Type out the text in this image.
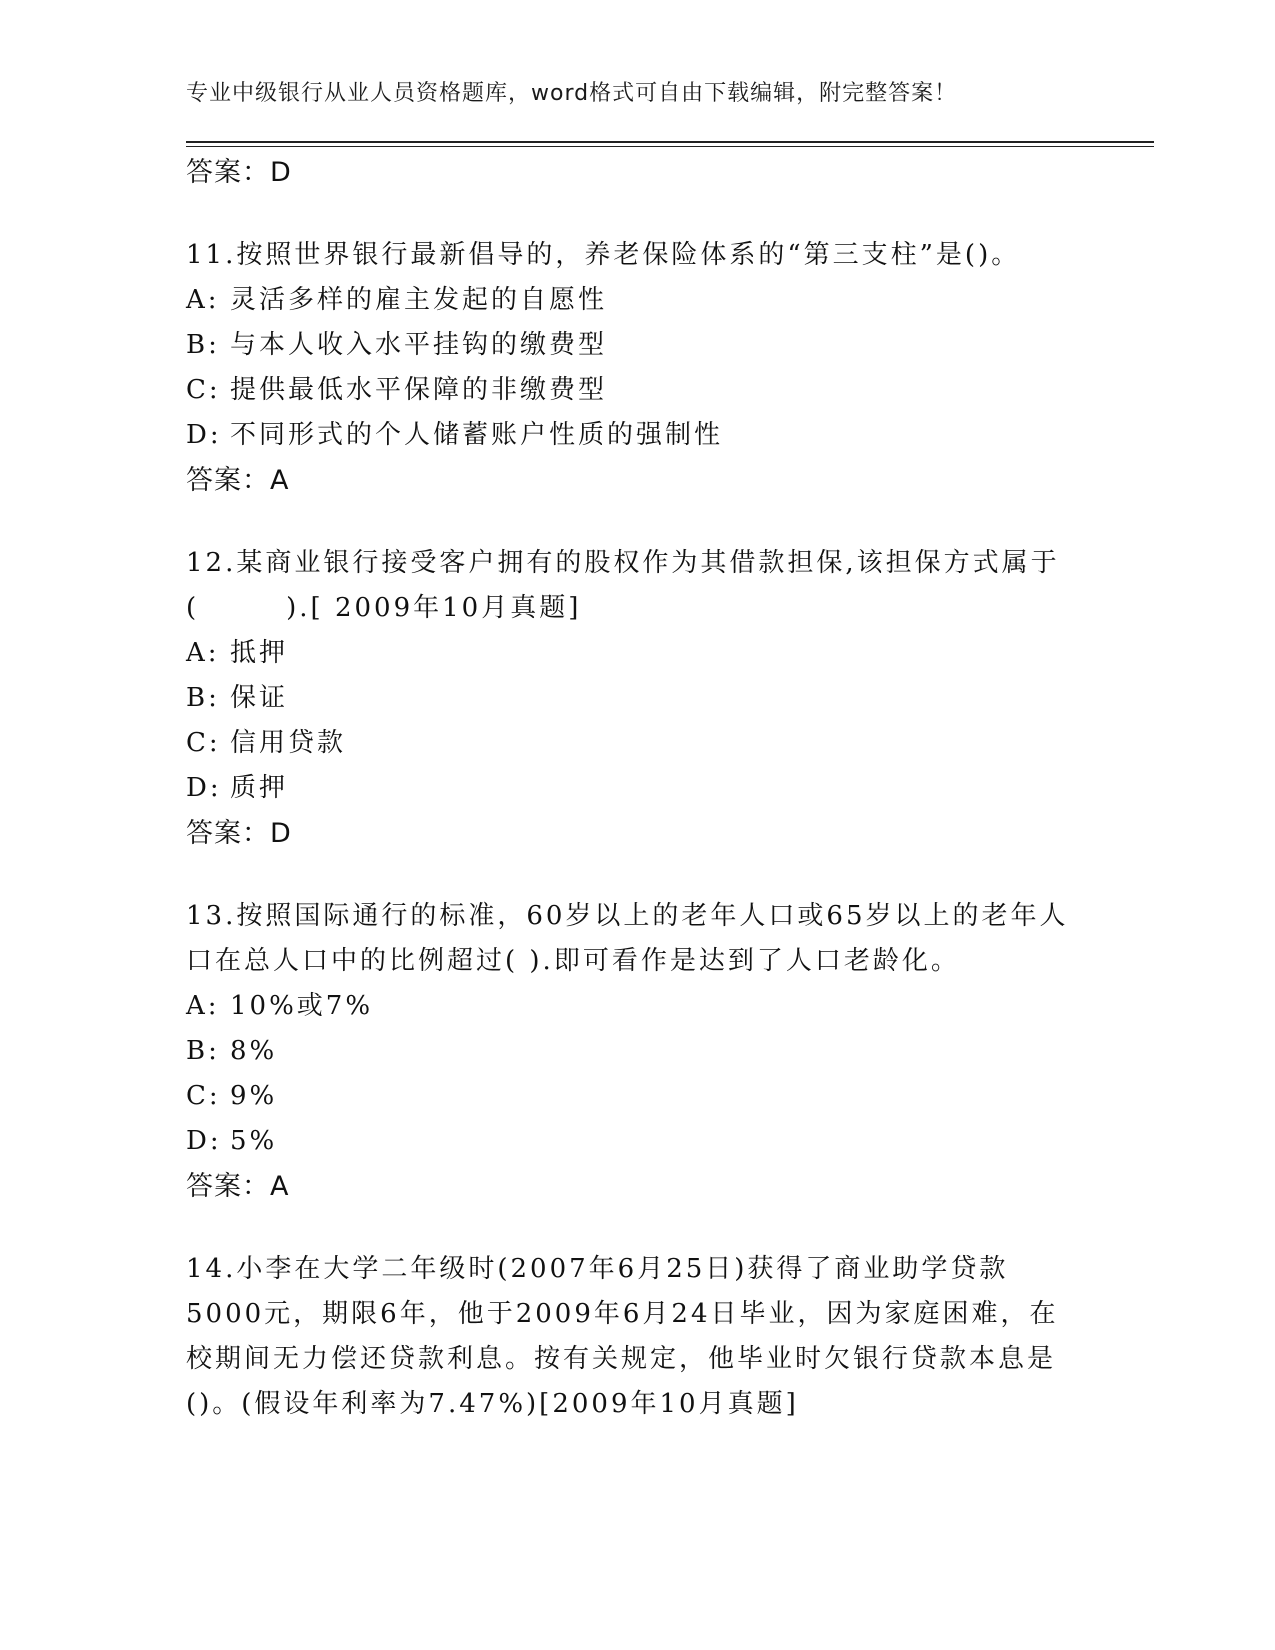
专业中级银行从业人员资格题库，word格式可自由下载编辑，附完整答案！
答案：D
11.按照世界银行最新倡导的，养老保险体系的“第三支柱”是()。
A: 灵活多样的雇主发起的自愿性
B: 与本人收入水平挂钩的缴费型
C: 提供最低水平保障的非缴费型
D: 不同形式的个人储蓄账户性质的强制性
答案：A
12.某商业银行接受客户拥有的股权作为其借款担保,该担保方式属于(　　　).[ 2009年10月真题]
A: 抵押
B: 保证
C: 信用贷款
D: 质押
答案：D
13.按照国际通行的标准，60岁以上的老年人口或65岁以上的老年人口在总人口中的比例超过( ).即可看作是达到了人口老龄化。
A: 10%或7%
B: 8%
C: 9%
D: 5%
答案：A
14.小李在大学二年级时(2007年6月25日)获得了商业助学贷款5000元，期限6年，他于2009年6月24日毕业，因为家庭困难，在校期间无力偿还贷款利息。按有关规定，他毕业时欠银行贷款本息是()。(假设年利率为7.47%)[2009年10月真题]
